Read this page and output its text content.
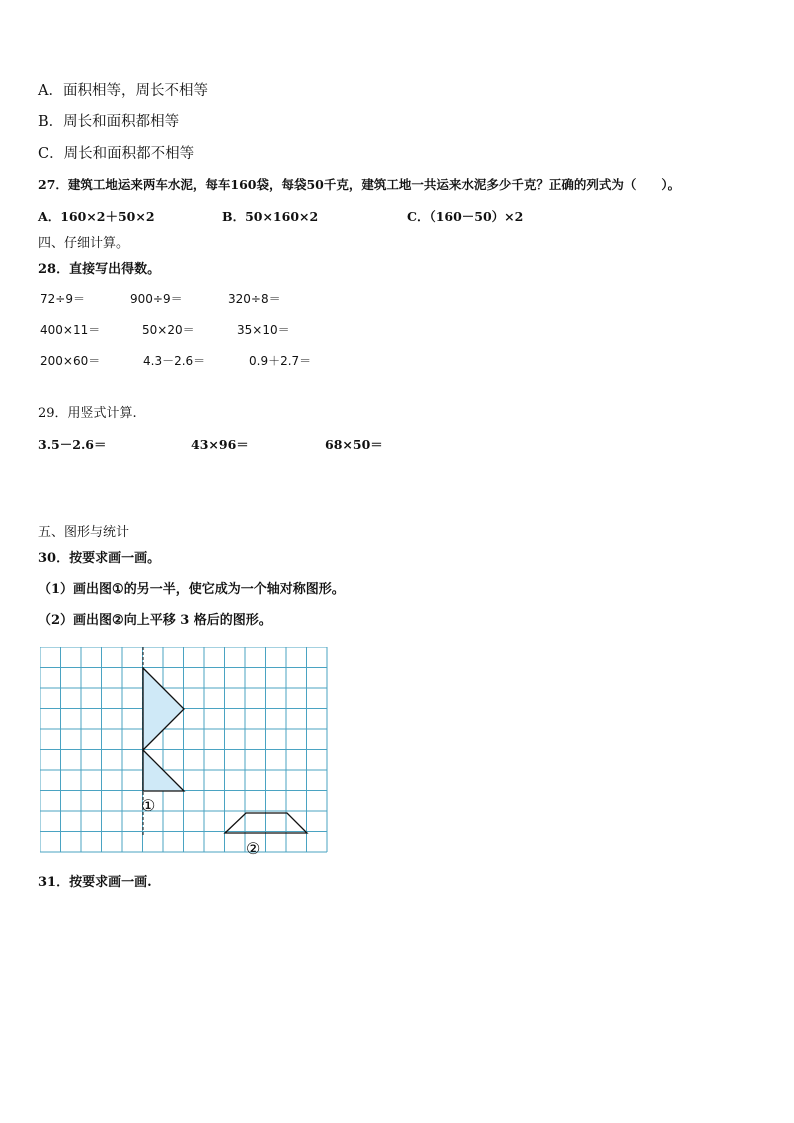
A．面积相等，周长不相等
B．周长和面积都相等
C．周长和面积都不相等
27．建筑工地运来两车水泥，每车160袋，每袋50千克，建筑工地一共运来水泥多少千克？正确的列式为（　　）。
A．160×2＋50×2	B．50×160×2	C．（160－50）×2
四、仔细计算。
28．直接写出得数。
72÷9＝	900÷9＝	320÷8＝
400×11＝	50×20＝	35×10＝
200×60＝	4.3－2.6＝	0.9＋2.7＝
29．用竖式计算.
3.5－2.6＝	43×96＝	68×50＝
五、图形与统计
30．按要求画一画。
（1）画出图①的另一半，使它成为一个轴对称图形。
（2）画出图②向上平移 3 格后的图形。
①
②
31．按要求画一画.
